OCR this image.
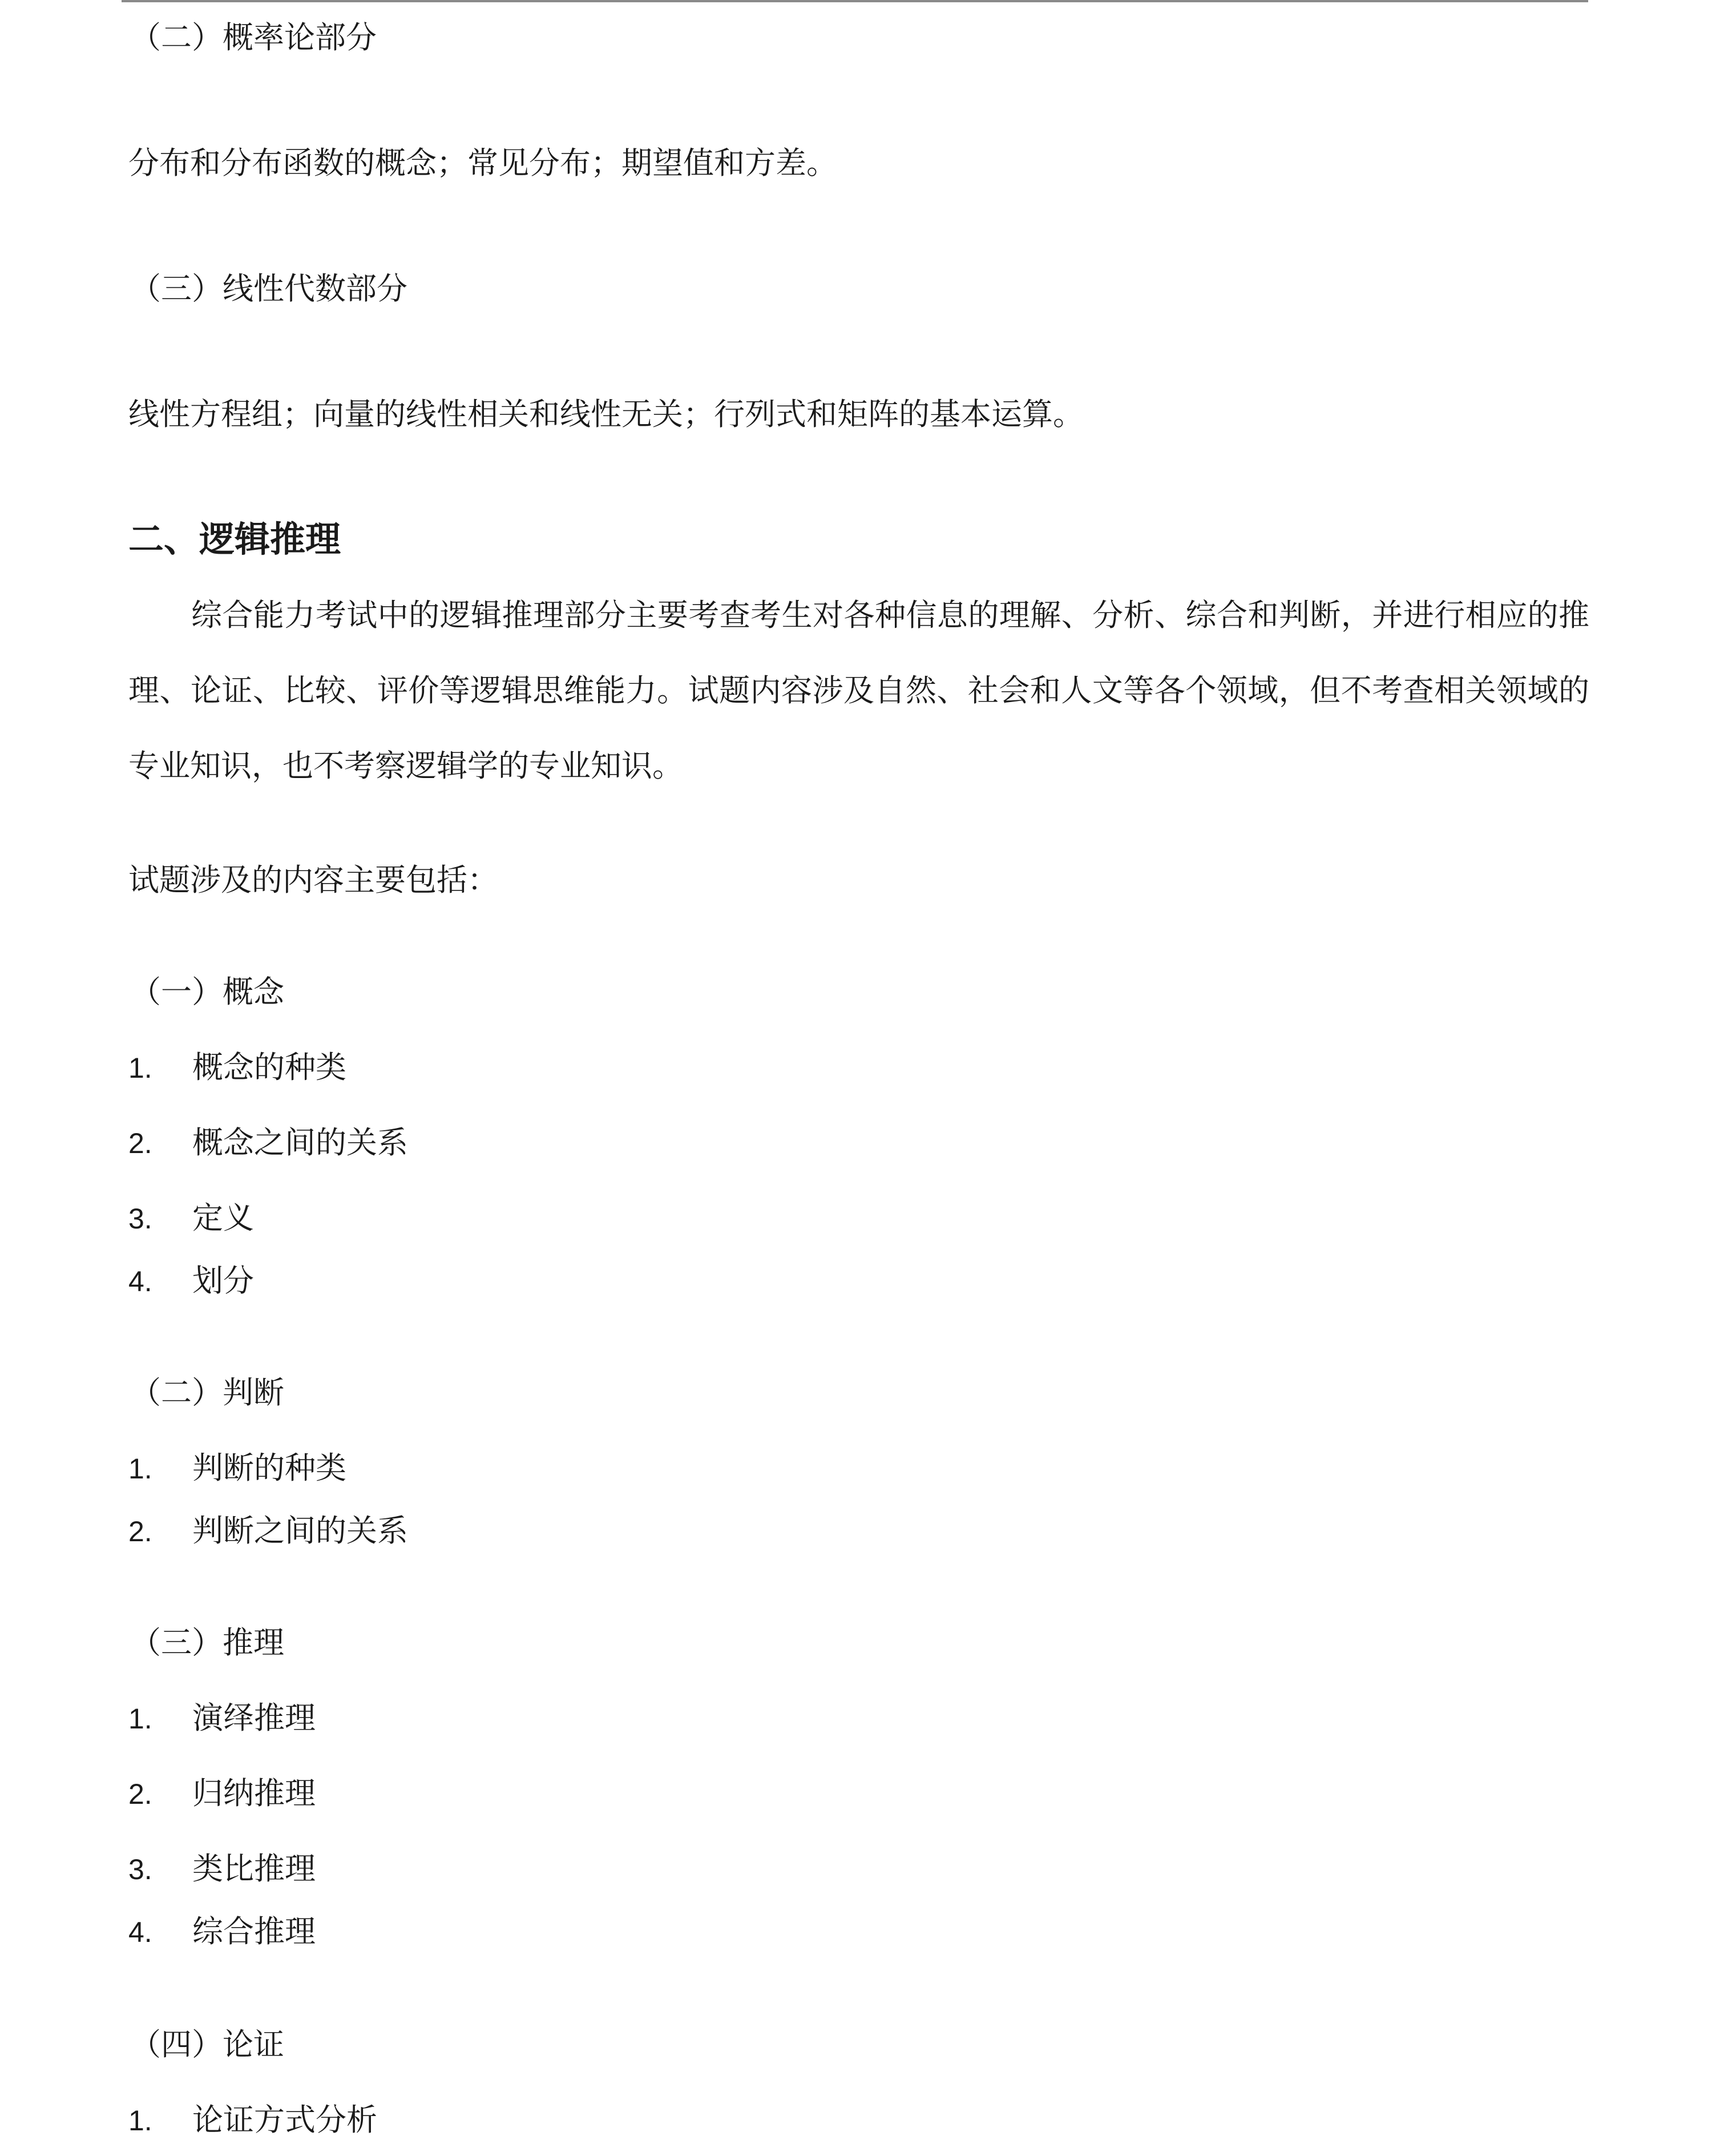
（二）概率论部分
分布和分布函数的概念；常见分布；期望值和方差。
（三）线性代数部分
线性方程组；向量的线性相关和线性无关；行列式和矩阵的基本运算。
二、逻辑推理
综合能力考试中的逻辑推理部分主要考查考生对各种信息的理解、分析、综合和判断，并进行相应的推理、论证、比较、评价等逻辑思维能力。试题内容涉及自然、社会和人文等各个领域，但不考查相关领域的专业知识，也不考察逻辑学的专业知识。
试题涉及的内容主要包括：
（一）概念
1. 概念的种类
2. 概念之间的关系
3. 定义
4. 划分
（二）判断
1. 判断的种类
2. 判断之间的关系
（三）推理
1. 演绎推理
2. 归纳推理
3. 类比推理
4. 综合推理
（四）论证
1. 论证方式分析
